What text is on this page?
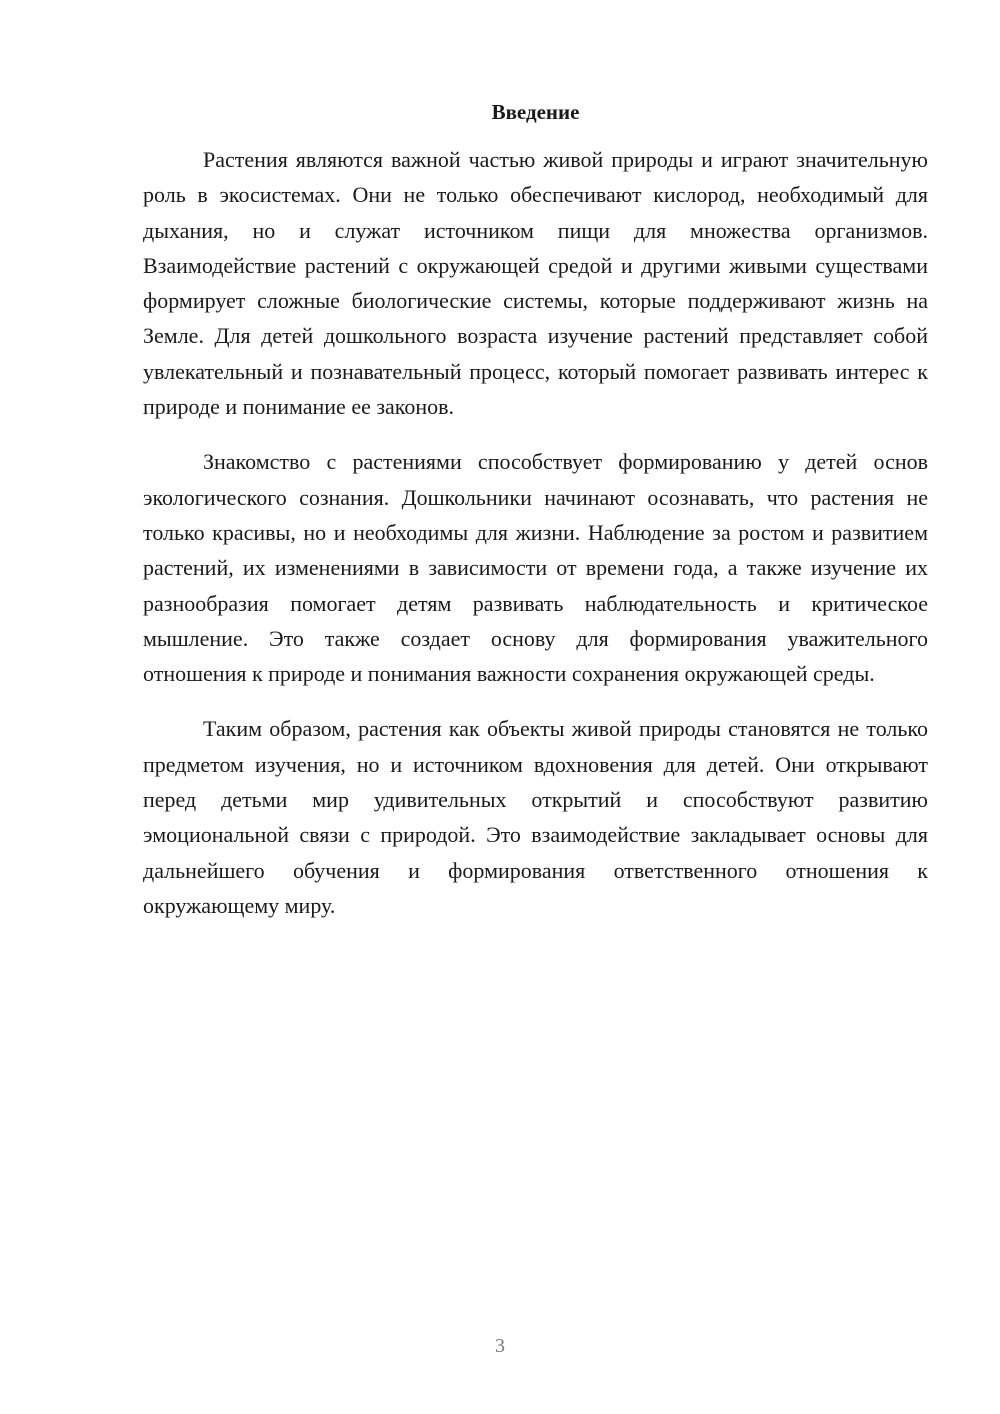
Введение

Растения являются важной частью живой природы и играют значительную роль в экосистемах. Они не только обеспечивают кислород, необходимый для дыхания, но и служат источником пищи для множества организмов. Взаимодействие растений с окружающей средой и другими живыми существами формирует сложные биологические системы, которые поддерживают жизнь на Земле. Для детей дошкольного возраста изучение растений представляет собой увлекательный и познавательный процесс, который помогает развивать интерес к природе и понимание ее законов.

Знакомство с растениями способствует формированию у детей основ экологического сознания. Дошкольники начинают осознавать, что растения не только красивы, но и необходимы для жизни. Наблюдение за ростом и развитием растений, их изменениями в зависимости от времени года, а также изучение их разнообразия помогает детям развивать наблюдательность и критическое мышление. Это также создает основу для формирования уважительного отношения к природе и понимания важности сохранения окружающей среды.

Таким образом, растения как объекты живой природы становятся не только предметом изучения, но и источником вдохновения для детей. Они открывают перед детьми мир удивительных открытий и способствуют развитию эмоциональной связи с природой. Это взаимодействие закладывает основы для дальнейшего обучения и формирования ответственного отношения к окружающему миру.

3
